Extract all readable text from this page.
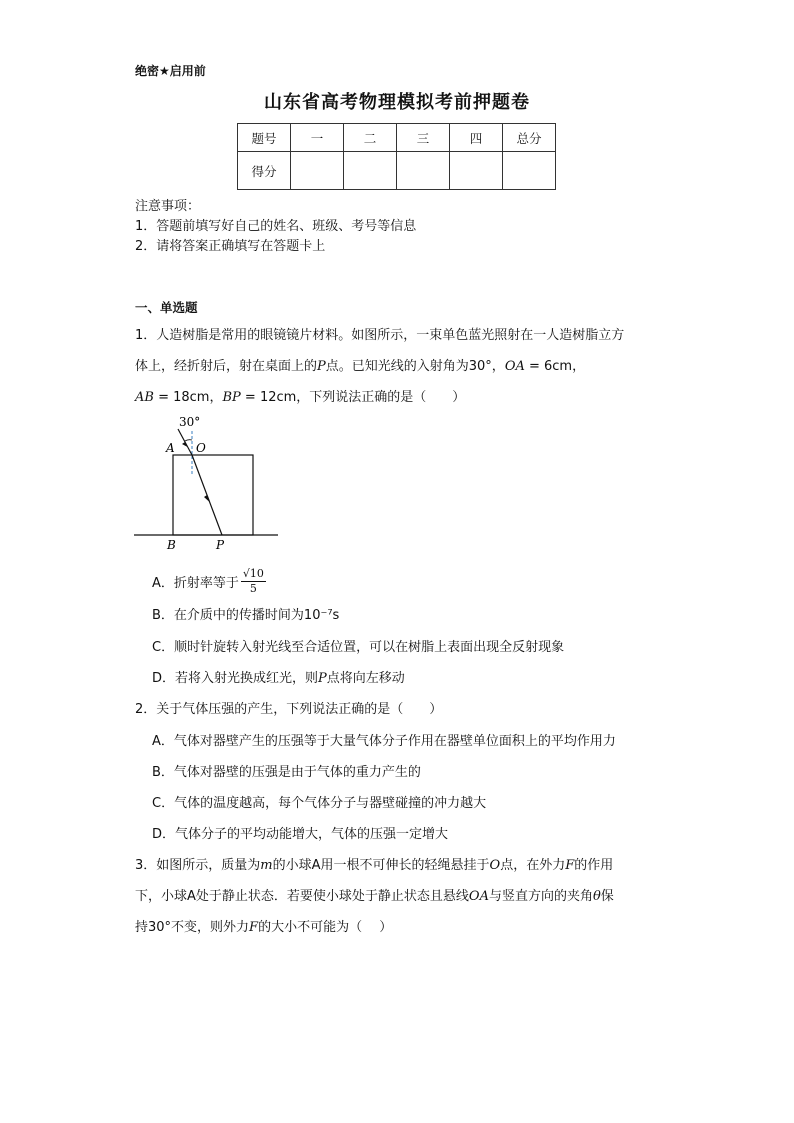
绝密★启用前
山东省高考物理模拟考前押题卷
题号	一	二	三	四	总分
得分					
注意事项：
1．答题前填写好自己的姓名、班级、考号等信息
2．请将答案正确填写在答题卡上
一、单选题
1．人造树脂是常用的眼镜镜片材料。如图所示，一束单色蓝光照射在一人造树脂立方
体上，经折射后，射在桌面上的P点。已知光线的入射角为30°，OA = 6cm，
AB = 18cm，BP = 12cm，下列说法正确的是（　　）
30°
A O
B	P
A．折射率等于 $\frac{√10}{5}$
B．在介质中的传播时间为10⁻⁷s
C．顺时针旋转入射光线至合适位置，可以在树脂上表面出现全反射现象
D．若将入射光换成红光，则P点将向左移动
2．关于气体压强的产生，下列说法正确的是（　　）
A．气体对器壁产生的压强等于大量气体分子作用在器壁单位面积上的平均作用力
B．气体对器壁的压强是由于气体的重力产生的
C．气体的温度越高，每个气体分子与器壁碰撞的冲力越大
D．气体分子的平均动能增大，气体的压强一定增大
3．如图所示，质量为m的小球A用一根不可伸长的轻绳悬挂于O点，在外力F的作用
下，小球A处于静止状态．若要使小球处于静止状态且悬线OA与竖直方向的夹角θ保
持30°不变，则外力F的大小不可能为（　 ）
